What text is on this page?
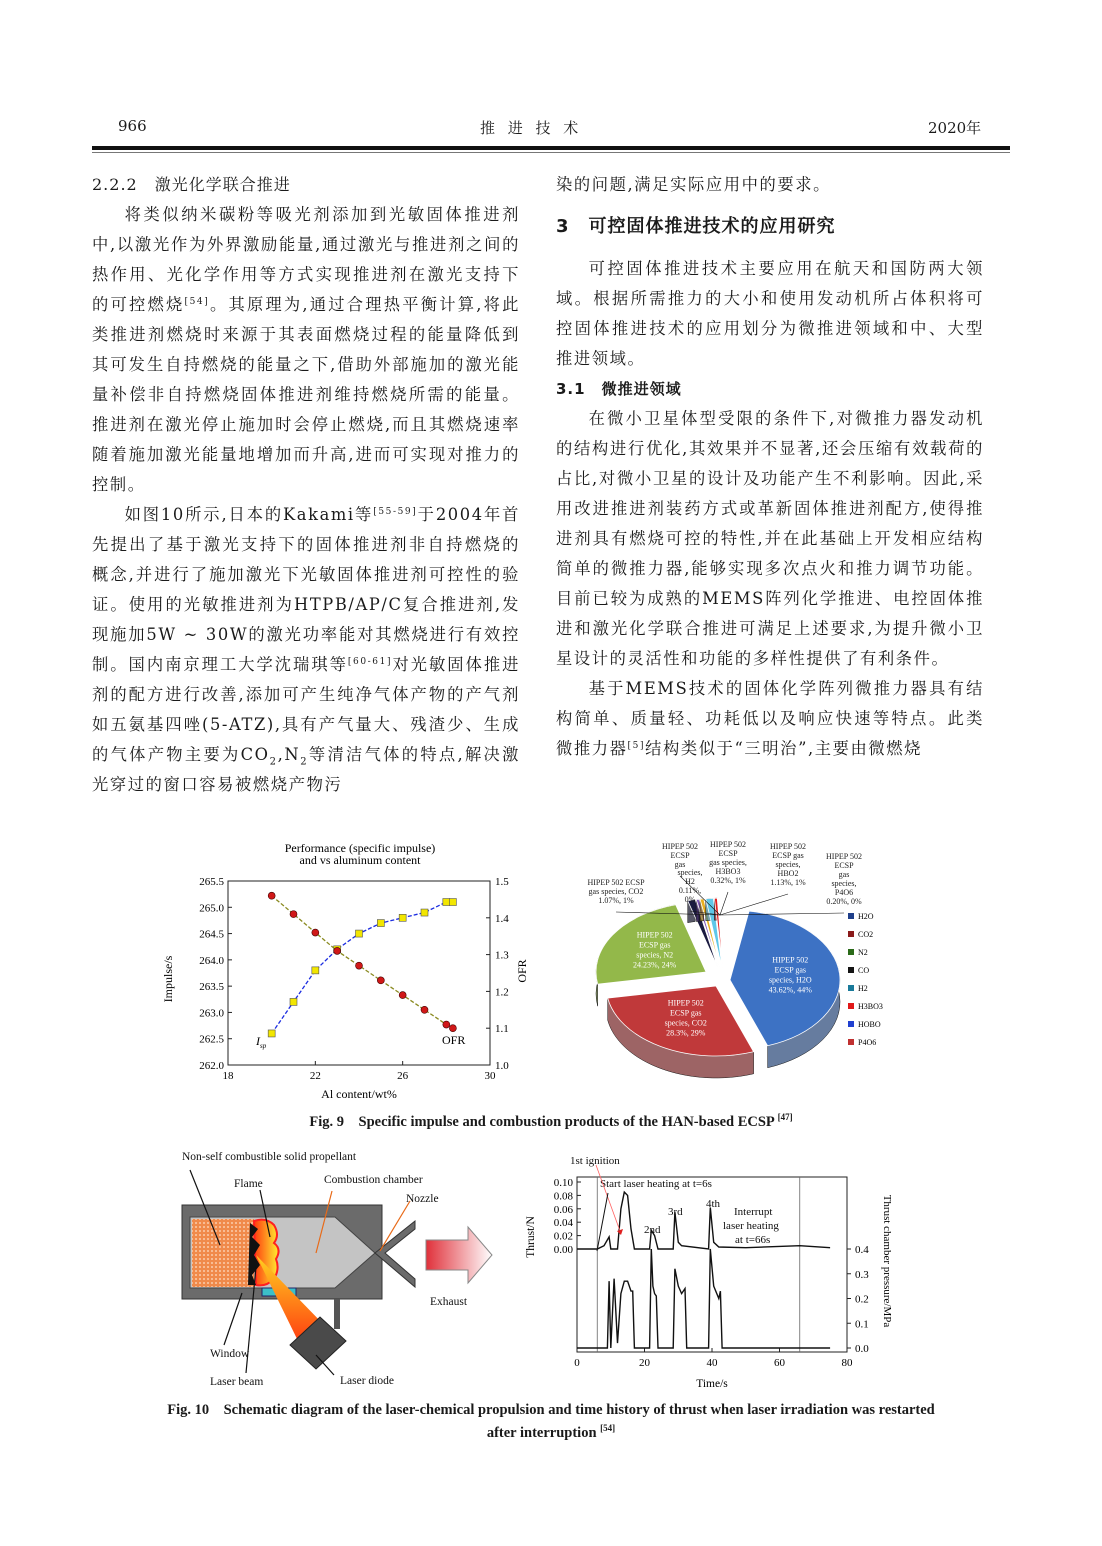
966	推 进 技 术	2020年
2.2.2　激光化学联合推进

将类似纳米碳粉等吸光剂添加到光敏固体推进剂中,以激光作为外界激励能量,通过激光与推进剂之间的热作用、光化学作用等方式实现推进剂在激光支持下的可控燃烧[54]。其原理为,通过合理热平衡计算,将此类推进剂燃烧时来源于其表面燃烧过程的能量降低到其可发生自持燃烧的能量之下,借助外部施加的激光能量补偿非自持燃烧固体推进剂维持燃烧所需的能量。推进剂在激光停止施加时会停止燃烧,而且其燃烧速率随着施加激光能量地增加而升高,进而可实现对推力的控制。

如图10所示,日本的Kakami等[55-59]于2004年首先提出了基于激光支持下的固体推进剂非自持燃烧的概念,并进行了施加激光下光敏固体推进剂可控性的验证。使用的光敏推进剂为HTPB/AP/C复合推进剂,发现施加5W ~ 30W的激光功率能对其燃烧进行有效控制。国内南京理工大学沈瑞琪等[60-61]对光敏固体推进剂的配方进行改善,添加可产生纯净气体产物的产气剂如五氨基四唑(5-ATZ),具有产气量大、残渣少、生成的气体产物主要为$CO_2,N_2$等清洁气体的特点,解决激光穿过的窗口容易被燃烧产物污

染的问题,满足实际应用中的要求。

3　可控固体推进技术的应用研究

可控固体推进技术主要应用在航天和国防两大领域。根据所需推力的大小和使用发动机所占体积将可控固体推进技术的应用划分为微推进领域和中、大型推进领域。

3.1　微推进领域

在微小卫星体型受限的条件下,对微推力器发动机的结构进行优化,其效果并不显著,还会压缩有效载荷的占比,对微小卫星的设计及功能产生不利影响。因此,采用改进推进剂装药方式或革新固体推进剂配方,使得推进剂具有燃烧可控的特性,并在此基础上开发相应结构简单的微推力器,能够实现多次点火和推力调节功能。目前已较为成熟的MEMS阵列化学推进、电控固体推进和激光化学联合推进可满足上述要求,为提升微小卫星设计的灵活性和功能的多样性提供了有利条件。

基于MEMS技术的固体化学阵列微推力器具有结构简单、质量轻、功耗低以及响应快速等特点。此类微推力器[5]结构类似于“三明治”,主要由微燃烧

Performance (specific impulse)
and vs aluminum content
18	22	26	30
262.0
262.5
263.0
263.5
264.0
264.5
265.0
265.5
1.0
1.1
1.2
1.3
1.4
1.5
Impulse/s	OFR
Al content/wt%
$I_{sp}$	OFR
HIPEP 502
ECSP gas
species, H2O
43.62%, 44%
HIPEP 502
ECSP gas
species, CO2
28.3%, 29%
HIPEP 502
ECSP gas
species, N2
24.23%, 24%
HIPEP 502 ECSP
gas species, CO2
1.07%, 1%
species,
H2
0.11%,
0%
HIPEP 502
ECSP
gas
HIPEP 502
ECSP
gas species,
H3BO3
0.32%, 1%
HIPEP 502
ECSP gas
species,
HBO2
1.13%, 1%
HIPEP 502
ECSP
gas
species,
P4O6
0.20%, 0%
H2O
CO2
N2
CO
H2
H3BO3
HOBO
P4O6
Fig. 9　Specific impulse and combustion products of the HAN-based ECSP [47]
Non-self combustible solid propellant
Flame	Combustion chamber
Nozzle
Exhaust
Window
Laser beam	Laser diode
0	20	40	60	80
0.00
0.02
0.04
0.06
0.08
0.10
0.0
0.1
0.2
0.3
0.4
Thrust/N	Thrust chamber pressure/MPa
Time/s
1st ignition
Start laser heating at t=6s
2nd
3rd
4th
Interrupt
laser heating
at t=66s
Fig. 10　Schematic diagram of the laser-chemical propulsion and time history of thrust when laser irradiation was restarted
after interruption [54]
